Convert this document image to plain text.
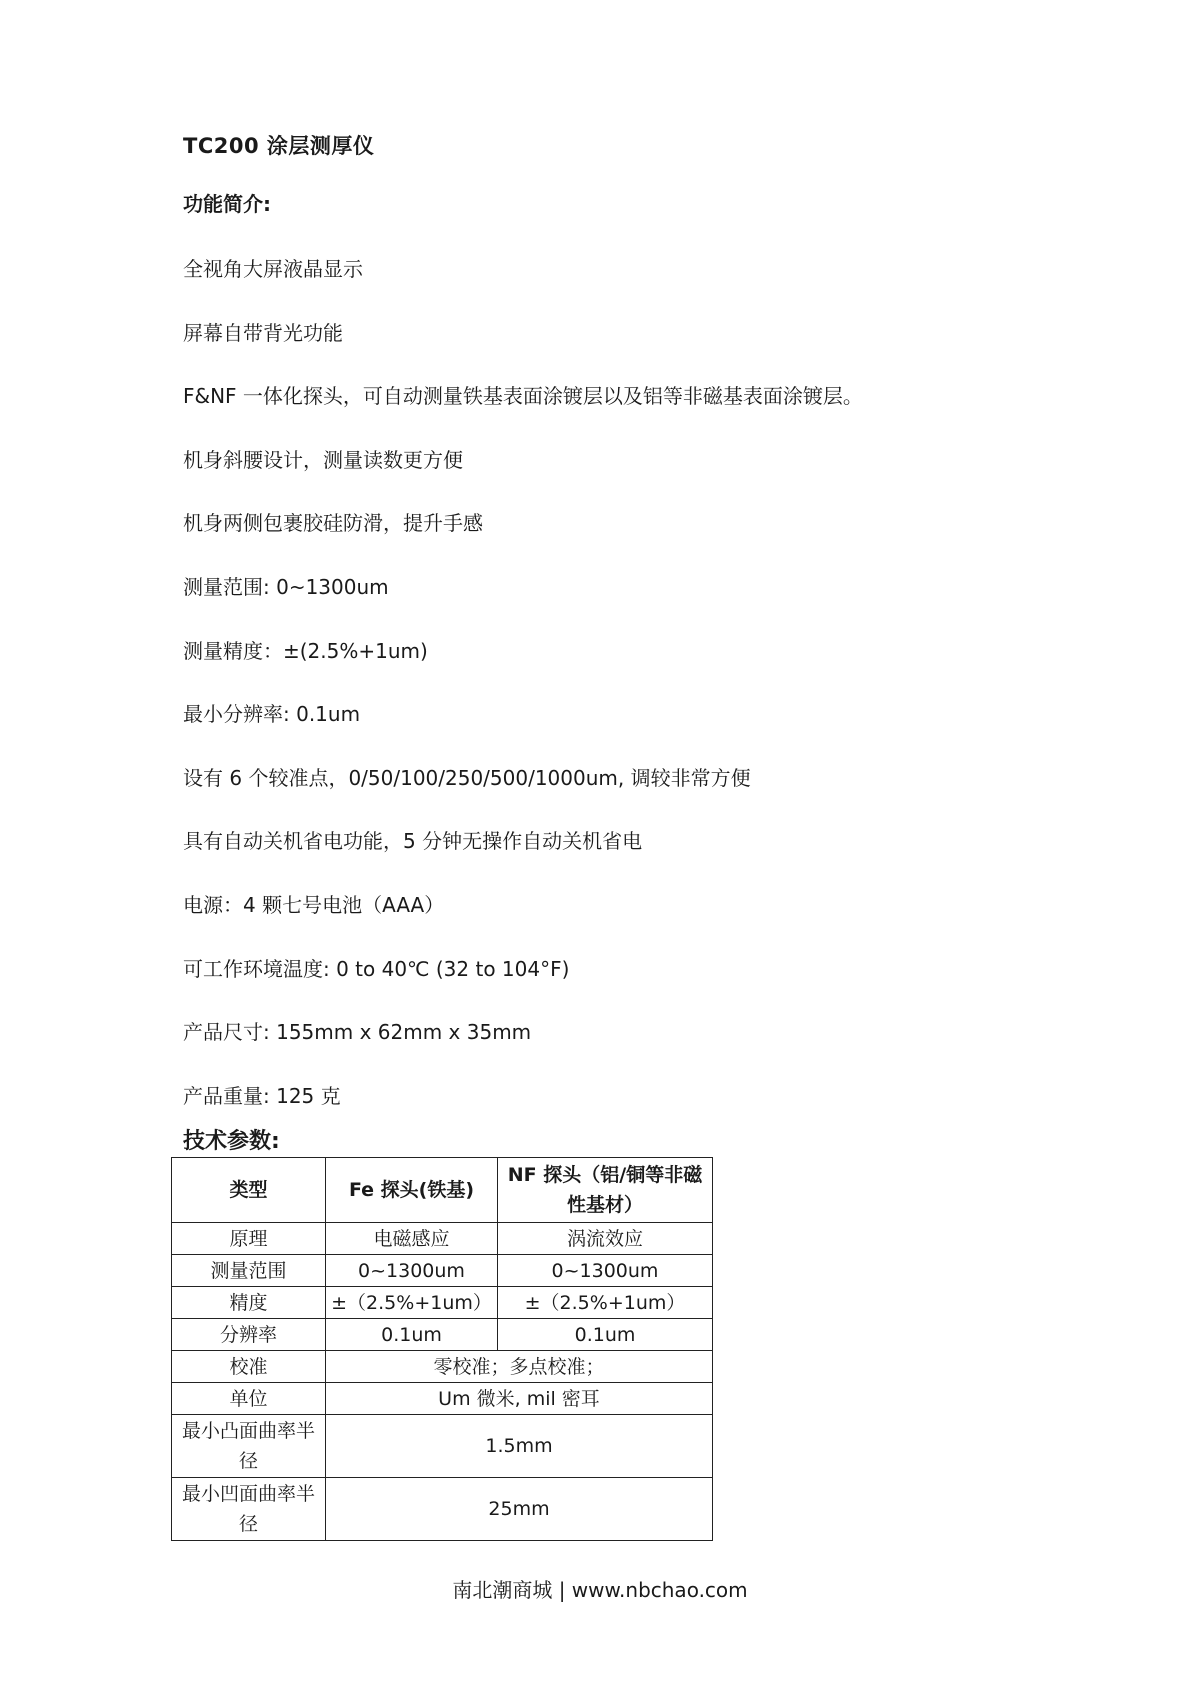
TC200 涂层测厚仪
功能简介:
全视角大屏液晶显示
屏幕自带背光功能
F&NF 一体化探头，可自动测量铁基表面涂镀层以及铝等非磁基表面涂镀层。
机身斜腰设计，测量读数更方便
机身两侧包裹胶硅防滑，提升手感
测量范围: 0~1300um
测量精度：±(2.5%+1um)
最小分辨率: 0.1um
设有 6 个较准点，0/50/100/250/500/1000um, 调较非常方便
具有自动关机省电功能，5 分钟无操作自动关机省电
电源：4 颗七号电池（AAA）
可工作环境温度: 0 to 40℃ (32 to 104°F)
产品尺寸: 155mm x 62mm x 35mm
产品重量: 125 克
技术参数:
类型	Fe 探头(铁基)	NF 探头（铝/铜等非磁性基材）
原理	电磁感应	涡流效应
测量范围	0~1300um	0~1300um
精度	±（2.5%+1um）	±（2.5%+1um）
分辨率	0.1um	0.1um
校准	零校准；多点校准；	
单位	Um 微米, mil 密耳	
最小凸面曲率半径	1.5mm	
最小凹面曲率半径	25mm	
南北潮商城 | www.nbchao.com
